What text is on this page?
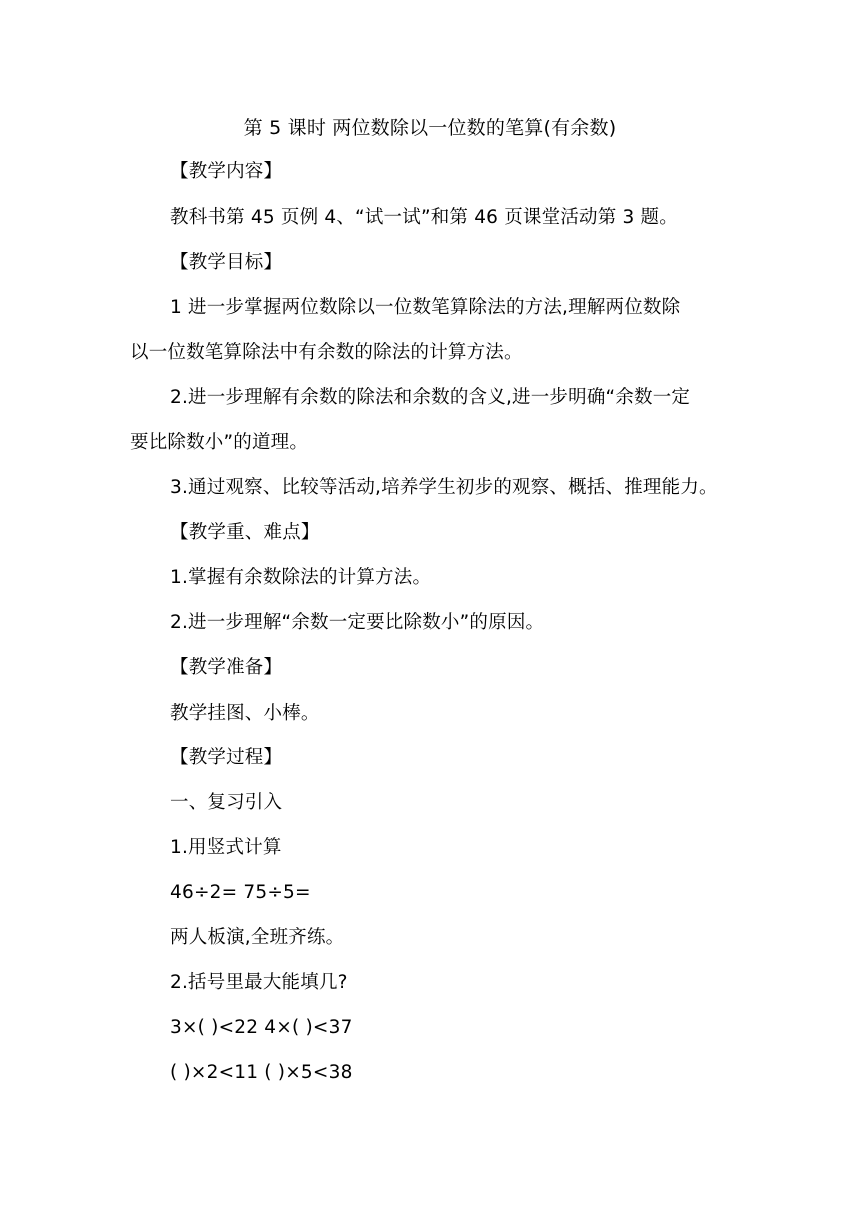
第 5 课时 两位数除以一位数的笔算(有余数)
【教学内容】
教科书第 45 页例 4、“试一试”和第 46 页课堂活动第 3 题。
【教学目标】
1 进一步掌握两位数除以一位数笔算除法的方法,理解两位数除
以一位数笔算除法中有余数的除法的计算方法。
2.进一步理解有余数的除法和余数的含义,进一步明确“余数一定
要比除数小”的道理。
3.通过观察、比较等活动,培养学生初步的观察、概括、推理能力。
【教学重、难点】
1.掌握有余数除法的计算方法。
2.进一步理解“余数一定要比除数小”的原因。
【教学准备】
教学挂图、小棒。
【教学过程】
一、复习引入
1.用竖式计算
46÷2= 75÷5=
两人板演,全班齐练。
2.括号里最大能填几?
3×( )<22 4×( )<37
( )×2<11 ( )×5<38
